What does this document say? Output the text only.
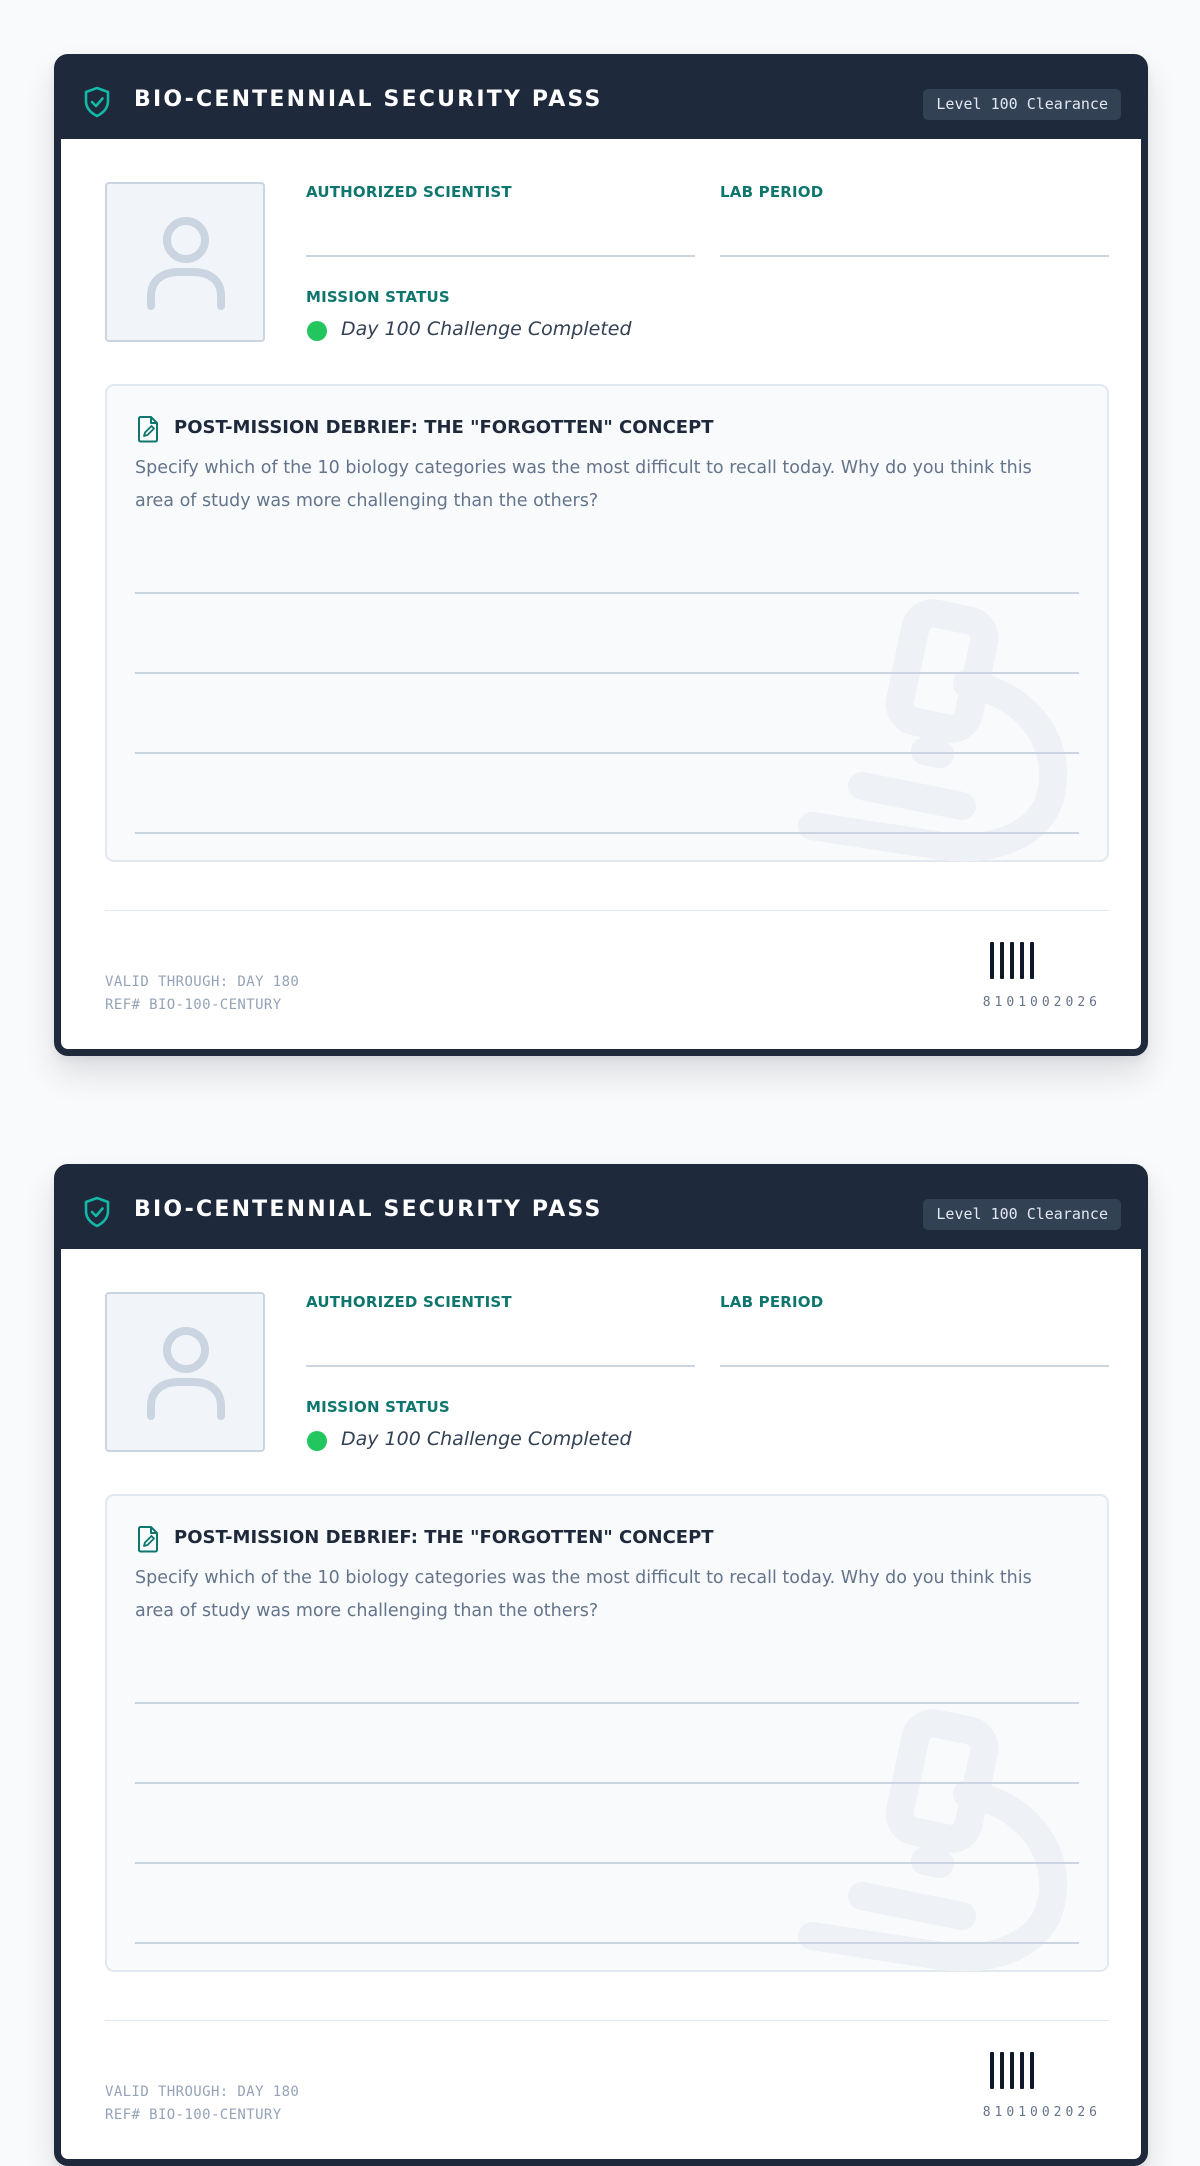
BIO-CENTENNIAL SECURITY PASS	Level 100 Clearance
AUTHORIZED SCIENTIST	LAB PERIOD
MISSION STATUS
Day 100 Challenge Completed
POST-MISSION DEBRIEF: THE "FORGOTTEN" CONCEPT
Specify which of the 10 biology categories was the most difficult to recall today. Why do you think this area of study was more challenging than the others?
VALID THROUGH: DAY 180
REF# BIO-100-CENTURY	8101002026
BIO-CENTENNIAL SECURITY PASS	Level 100 Clearance
AUTHORIZED SCIENTIST	LAB PERIOD
MISSION STATUS
Day 100 Challenge Completed
POST-MISSION DEBRIEF: THE "FORGOTTEN" CONCEPT
Specify which of the 10 biology categories was the most difficult to recall today. Why do you think this area of study was more challenging than the others?
VALID THROUGH: DAY 180
REF# BIO-100-CENTURY	8101002026
